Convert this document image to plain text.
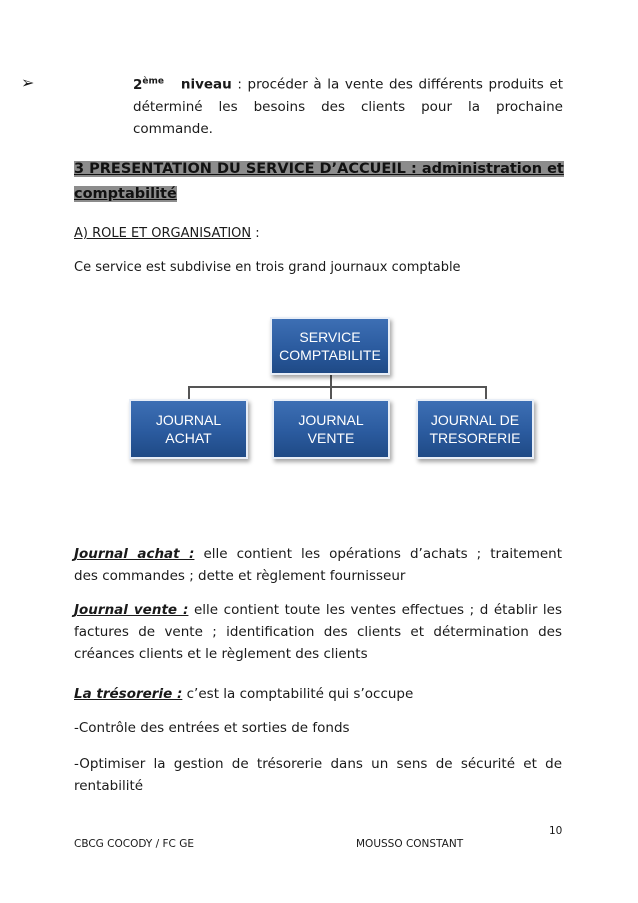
➢	2ème niveau : procéder à la vente des différents produits et
déterminé les besoins des clients pour la prochaine
commande.
3 PRESENTATION DU SERVICE D’ACCUEIL : administration et
comptabilité
A) ROLE ET ORGANISATION :
Ce service est subdivise en trois grand journaux comptable
SERVICE
COMPTABILITE
JOURNAL
ACHAT
JOURNAL
VENTE
JOURNAL DE
TRESORERIE
Journal achat : elle contient les opérations d’achats ; traitement
des commandes ; dette et règlement fournisseur
Journal vente : elle contient toute les ventes effectues ; d établir les
factures de vente ; identification des clients et détermination des
créances clients et le règlement des clients
La trésorerie : c’est la comptabilité qui s’occupe
-Contrôle des entrées et sorties de fonds
-Optimiser la gestion de trésorerie dans un sens de sécurité et de
rentabilité
10
CBCG COCODY / FC GE	MOUSSO CONSTANT
